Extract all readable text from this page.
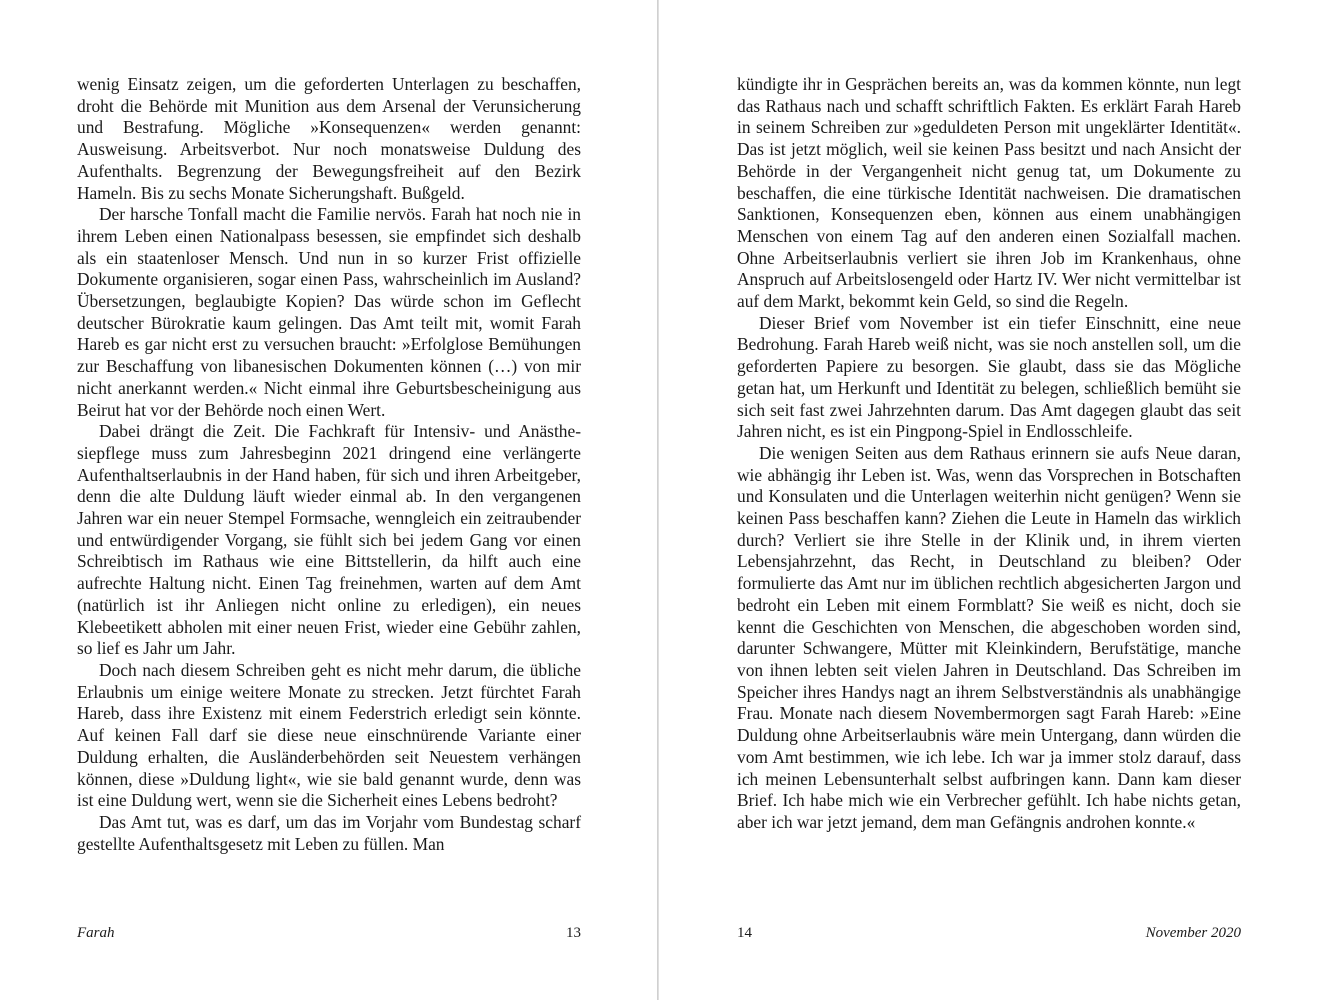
wenig Einsatz zeigen, um die geforderten Unterlagen zu beschaffen, droht die Behörde mit Munition aus dem Arsenal der Verunsicherung und Bestrafung. Mögliche »Konsequenzen« werden genannt: Ausweisung. Arbeitsverbot. Nur noch monatsweise Duldung des Aufenthalts. Begrenzung der Bewegungsfreiheit auf den Bezirk Hameln. Bis zu sechs Monate Sicherungshaft. Bußgeld.

Der harsche Tonfall macht die Familie nervös. Farah hat noch nie in ihrem Leben einen Nationalpass besessen, sie empfindet sich deshalb als ein staatenloser Mensch. Und nun in so kurzer Frist offizielle Dokumente organisieren, sogar einen Pass, wahrscheinlich im Ausland? Übersetzungen, beglaubigte Kopien? Das würde schon im Geflecht deutscher Bürokratie kaum gelingen. Das Amt teilt mit, womit Farah Hareb es gar nicht erst zu versuchen braucht: »Erfolglose Bemühungen zur Beschaffung von libanesischen Dokumenten können (…) von mir nicht anerkannt werden.« Nicht einmal ihre Geburtsbescheinigung aus Beirut hat vor der Behörde noch einen Wert.

Dabei drängt die Zeit. Die Fachkraft für Intensiv- und Anästhesiepflege muss zum Jahresbeginn 2021 dringend eine verlängerte Aufenthaltserlaubnis in der Hand haben, für sich und ihren Arbeitgeber, denn die alte Duldung läuft wieder einmal ab. In den vergangenen Jahren war ein neuer Stempel Formsache, wenngleich ein zeitraubender und entwürdigender Vorgang, sie fühlt sich bei jedem Gang vor einen Schreibtisch im Rathaus wie eine Bittstellerin, da hilft auch eine aufrechte Haltung nicht. Einen Tag freinehmen, warten auf dem Amt (natürlich ist ihr Anliegen nicht online zu erledigen), ein neues Klebeetikett abholen mit einer neuen Frist, wieder eine Gebühr zahlen, so lief es Jahr um Jahr.

Doch nach diesem Schreiben geht es nicht mehr darum, die übliche Erlaubnis um einige weitere Monate zu strecken. Jetzt fürchtet Farah Hareb, dass ihre Existenz mit einem Federstrich erledigt sein könnte. Auf keinen Fall darf sie diese neue einschnürende Variante einer Duldung erhalten, die Ausländerbehörden seit Neuestem verhängen können, diese »Duldung light«, wie sie bald genannt wurde, denn was ist eine Duldung wert, wenn sie die Sicherheit eines Lebens bedroht?

Das Amt tut, was es darf, um das im Vorjahr vom Bundestag scharf gestellte Aufenthaltsgesetz mit Leben zu füllen. Man

kündigte ihr in Gesprächen bereits an, was da kommen könnte, nun legt das Rathaus nach und schafft schriftlich Fakten. Es erklärt Farah Hareb in seinem Schreiben zur »geduldeten Person mit ungeklärter Identität«. Das ist jetzt möglich, weil sie keinen Pass besitzt und nach Ansicht der Behörde in der Vergangenheit nicht genug tat, um Dokumente zu beschaffen, die eine türkische Identität nachweisen. Die dramatischen Sanktionen, Konsequenzen eben, können aus einem unabhängigen Menschen von einem Tag auf den anderen einen Sozialfall machen. Ohne Arbeitserlaubnis verliert sie ihren Job im Krankenhaus, ohne Anspruch auf Arbeitslosengeld oder Hartz IV. Wer nicht vermittelbar ist auf dem Markt, bekommt kein Geld, so sind die Regeln.

Dieser Brief vom November ist ein tiefer Einschnitt, eine neue Bedrohung. Farah Hareb weiß nicht, was sie noch anstellen soll, um die geforderten Papiere zu besorgen. Sie glaubt, dass sie das Mögliche getan hat, um Herkunft und Identität zu belegen, schließlich bemüht sie sich seit fast zwei Jahrzehnten darum. Das Amt dagegen glaubt das seit Jahren nicht, es ist ein Pingpong-Spiel in Endlosschleife.

Die wenigen Seiten aus dem Rathaus erinnern sie aufs Neue daran, wie abhängig ihr Leben ist. Was, wenn das Vorsprechen in Botschaften und Konsulaten und die Unterlagen weiterhin nicht genügen? Wenn sie keinen Pass beschaffen kann? Ziehen die Leute in Hameln das wirklich durch? Verliert sie ihre Stelle in der Klinik und, in ihrem vierten Lebensjahrzehnt, das Recht, in Deutschland zu bleiben? Oder formulierte das Amt nur im üblichen rechtlich abgesicherten Jargon und bedroht ein Leben mit einem Formblatt? Sie weiß es nicht, doch sie kennt die Geschichten von Menschen, die abgeschoben worden sind, darunter Schwangere, Mütter mit Kleinkindern, Berufstätige, manche von ihnen lebten seit vielen Jahren in Deutschland. Das Schreiben im Speicher ihres Handys nagt an ihrem Selbstverständnis als unabhängige Frau. Monate nach diesem Novembermorgen sagt Farah Hareb: »Eine Duldung ohne Arbeitserlaubnis wäre mein Untergang, dann würden die vom Amt bestimmen, wie ich lebe. Ich war ja immer stolz darauf, dass ich meinen Lebensunterhalt selbst aufbringen kann. Dann kam dieser Brief. Ich habe mich wie ein Verbrecher gefühlt. Ich habe nichts getan, aber ich war jetzt jemand, dem man Gefängnis androhen konnte.«

Farah	13	14	November 2020
